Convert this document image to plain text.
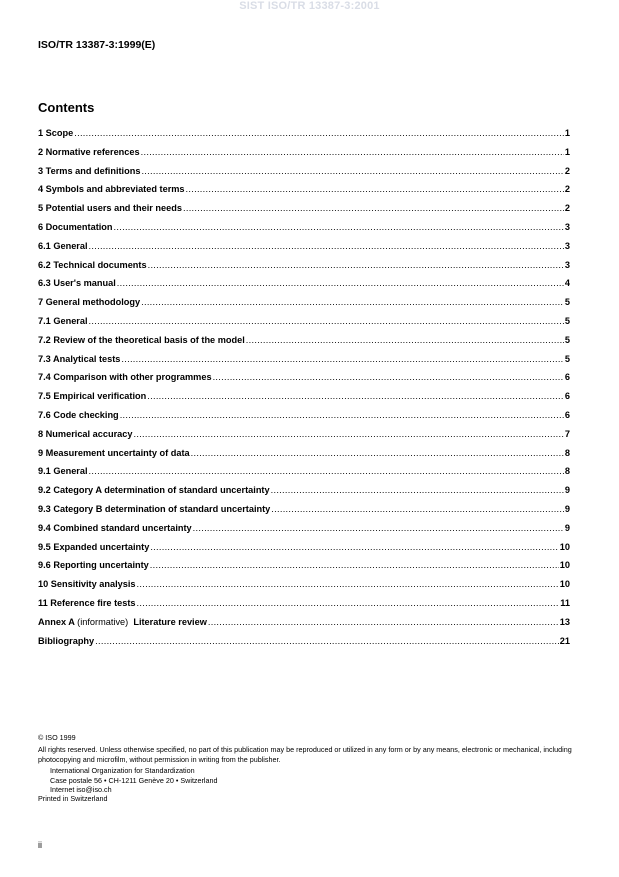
SIST ISO/TR 13387-3:2001
ISO/TR 13387-3:1999(E)
Contents
1 Scope .....	1
2 Normative references .....	1
3 Terms and definitions .....	2
4 Symbols and abbreviated terms .....	2
5 Potential users and their needs .....	2
6 Documentation .....	3
6.1 General .....	3
6.2 Technical documents .....	3
6.3 User's manual .....	4
7 General methodology .....	5
7.1 General .....	5
7.2 Review of the theoretical basis of the model .....	5
7.3 Analytical tests .....	5
7.4 Comparison with other programmes .....	6
7.5 Empirical verification .....	6
7.6 Code checking .....	6
8 Numerical accuracy .....	7
9 Measurement uncertainty of data .....	8
9.1 General .....	8
9.2 Category A determination of standard uncertainty .....	9
9.3 Category B determination of standard uncertainty .....	9
9.4 Combined standard uncertainty .....	9
9.5 Expanded uncertainty .....	10
9.6 Reporting uncertainty .....	10
10 Sensitivity analysis .....	10
11 Reference fire tests .....	11
Annex A (informative) Literature review .....	13
Bibliography .....	21
© ISO 1999
All rights reserved. Unless otherwise specified, no part of this publication may be reproduced or utilized in any form or by any means, electronic or mechanical, including photocopying and microfilm, without permission in writing from the publisher.
International Organization for Standardization
Case postale 56 • CH-1211 Genève 20 • Switzerland
Internet iso@iso.ch
Printed in Switzerland
ii
